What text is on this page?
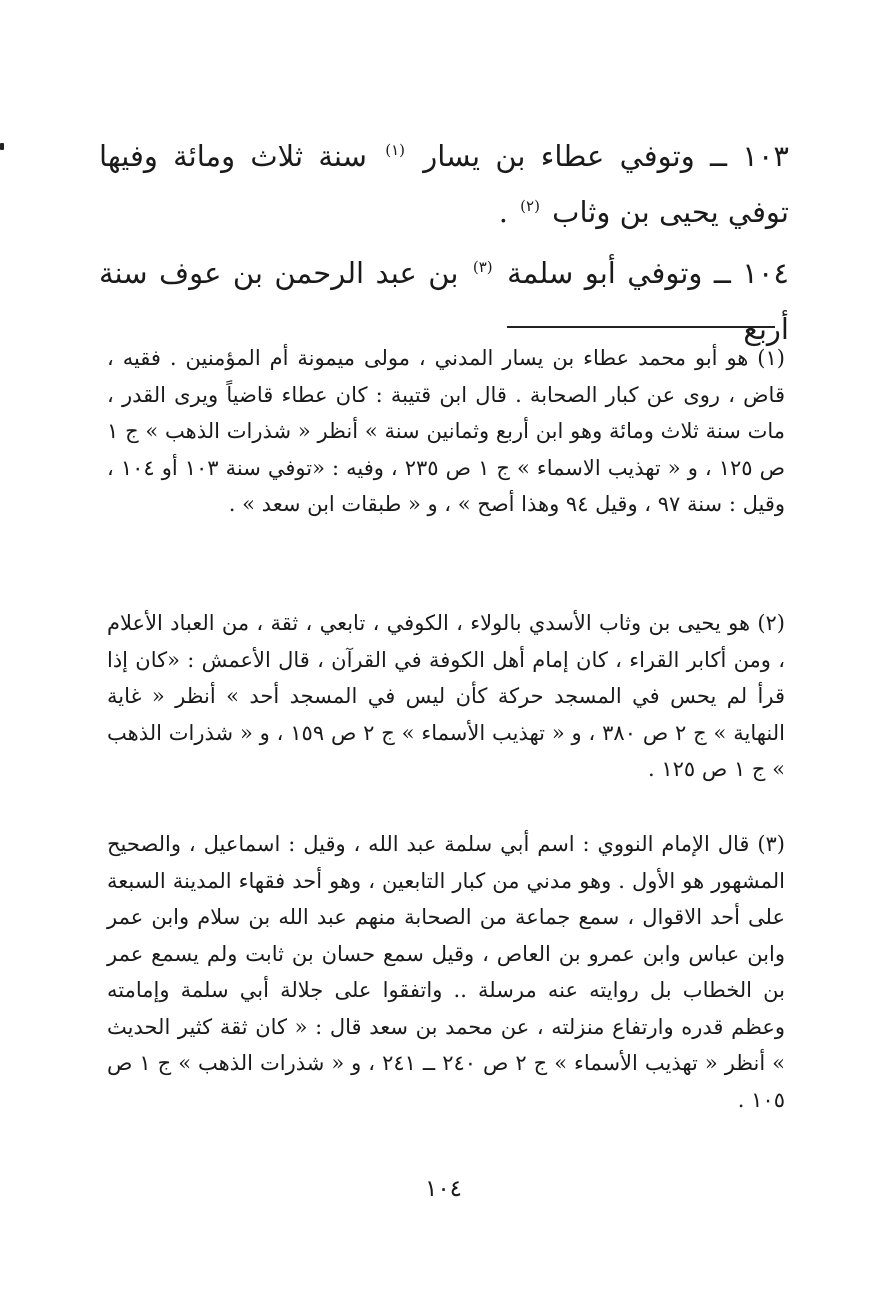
١٠٣ ــ وتوفي عطاء بن يسار $^{(١)}$ سنة ثلاث ومائة وفيها توفي يحيى بن وثاب $^{(٢)}$ .
١٠٤ ــ وتوفي أبو سلمة $^{(٣)}$ بن عبد الرحمن بن عوف سنة أربع
(١) هو أبو محمد عطاء بن يسار المدني ، مولى ميمونة أم المؤمنين . فقيه ، قاض ، روى عن كبار الصحابة . قال ابن قتيبة : كان عطاء قاضياً ويرى القدر ، مات سنة ثلاث ومائة وهو ابن أربع وثمانين سنة » أنظر « شذرات الذهب » ج ١ ص ١٢٥ ، و « تهذيب الاسماء » ج ١ ص ٢٣٥ ، وفيه : «توفي سنة ١٠٣ أو ١٠٤ ، وقيل : سنة ٩٧ ، وقيل ٩٤ وهذا أصح » ، و « طبقات ابن سعد » .
(٢) هو يحيى بن وثاب الأسدي بالولاء ، الكوفي ، تابعي ، ثقة ، من العباد الأعلام ، ومن أكابر القراء ، كان إمام أهل الكوفة في القرآن ، قال الأعمش : «كان إذا قرأ لم يحس في المسجد حركة كأن ليس في المسجد أحد » أنظر « غاية النهاية » ج ٢ ص ٣٨٠ ، و « تهذيب الأسماء » ج ٢ ص ١٥٩ ، و « شذرات الذهب » ج ١ ص ١٢٥ .
(٣) قال الإمام النووي : اسم أبي سلمة عبد الله ، وقيل : اسماعيل ، والصحيح المشهور هو الأول . وهو مدني من كبار التابعين ، وهو أحد فقهاء المدينة السبعة على أحد الاقوال ، سمع جماعة من الصحابة منهم عبد الله بن سلام وابن عمر وابن عباس وابن عمرو بن العاص ، وقيل سمع حسان بن ثابت ولم يسمع عمر بن الخطاب بل روايته عنه مرسلة .. واتفقوا على جلالة أبي سلمة وإمامته وعظم قدره وارتفاع منزلته ، عن محمد بن سعد قال : « كان ثقة كثير الحديث » أنظر « تهذيب الأسماء » ج ٢ ص ٢٤٠ ــ ٢٤١ ، و « شذرات الذهب » ج ١ ص ١٠٥ .
١٠٤
